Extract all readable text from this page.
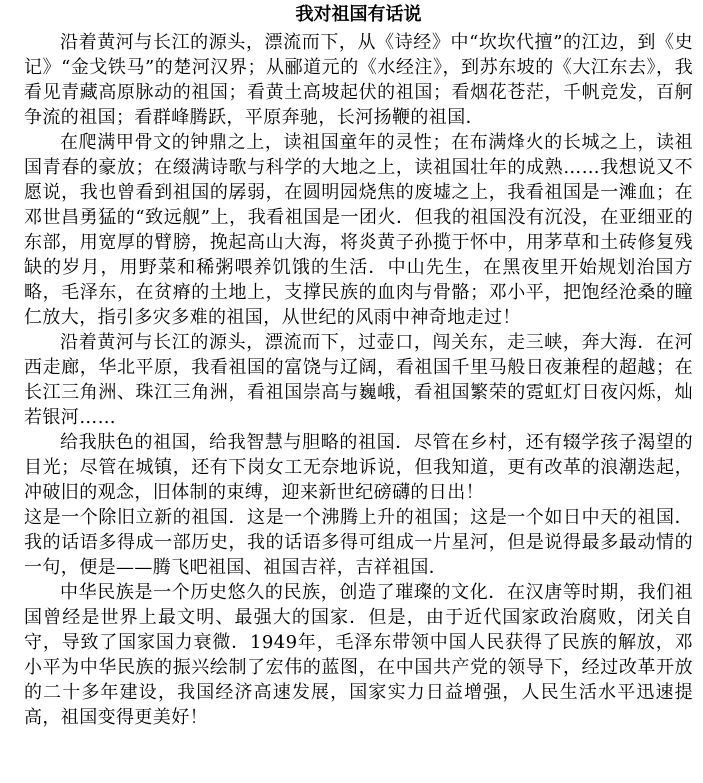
我对祖国有话说

沿着黄河与长江的源头，漂流而下，从《诗经》中“坎坎代擅”的江边，到《史记》“金戈铁马”的楚河汉界；从郦道元的《水经注》，到苏东坡的《大江东去》，我看见青藏高原脉动的祖国；看黄土高坡起伏的祖国；看烟花苍茫，千帆竞发，百舸争流的祖国；看群峰腾跃，平原奔驰，长河扬鞭的祖国．

在爬满甲骨文的钟鼎之上，读祖国童年的灵性；在布满烽火的长城之上，读祖国青春的豪放；在缀满诗歌与科学的大地之上，读祖国壮年的成熟……我想说又不愿说，我也曾看到祖国的孱弱，在圆明园烧焦的废墟之上，我看祖国是一滩血；在邓世昌勇猛的“致远舰”上，我看祖国是一团火．但我的祖国没有沉没，在亚细亚的东部，用宽厚的臂膀，挽起高山大海，将炎黄子孙揽于怀中，用茅草和土砖修复残缺的岁月，用野菜和稀粥喂养饥饿的生活．中山先生，在黑夜里开始规划治国方略，毛泽东，在贫瘠的土地上，支撑民族的血肉与骨骼；邓小平，把饱经沧桑的瞳仁放大，指引多灾多难的祖国，从世纪的风雨中神奇地走过！

沿着黄河与长江的源头，漂流而下，过壶口，闯关东，走三峡，奔大海．在河西走廊，华北平原，我看祖国的富饶与辽阔，看祖国千里马般日夜兼程的超越；在长江三角洲、珠江三角洲，看祖国崇高与巍峨，看祖国繁荣的霓虹灯日夜闪烁，灿若银河……

给我肤色的祖国，给我智慧与胆略的祖国．尽管在乡村，还有辍学孩子渴望的目光；尽管在城镇，还有下岗女工无奈地诉说，但我知道，更有改革的浪潮迭起，冲破旧的观念，旧体制的束缚，迎来新世纪磅礴的日出！

这是一个除旧立新的祖国．这是一个沸腾上升的祖国；这是一个如日中天的祖国．我的话语多得成一部历史，我的话语多得可组成一片星河，但是说得最多最动情的一句，便是——腾飞吧祖国、祖国吉祥，吉祥祖国．

中华民族是一个历史悠久的民族，创造了璀璨的文化．在汉唐等时期，我们祖国曾经是世界上最文明、最强大的国家．但是，由于近代国家政治腐败，闭关自守，导致了国家国力衰微．1949年，毛泽东带领中国人民获得了民族的解放，邓小平为中华民族的振兴绘制了宏伟的蓝图，在中国共产党的领导下，经过改革开放的二十多年建设，我国经济高速发展，国家实力日益增强，人民生活水平迅速提高，祖国变得更美好！
